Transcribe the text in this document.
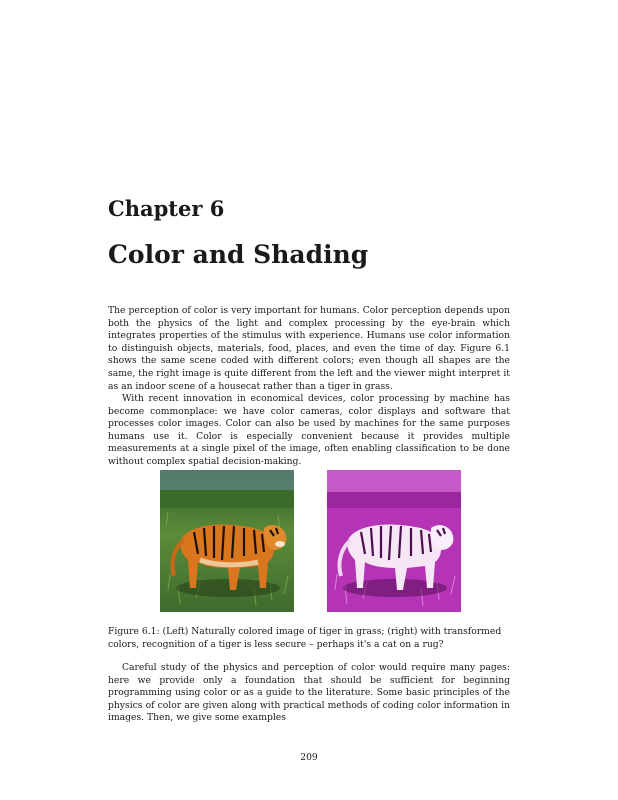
Chapter 6
Color and Shading

The perception of color is very important for humans. Color perception depends upon both the physics of the light and complex processing by the eye-brain which integrates properties of the stimulus with experience. Humans use color information to distinguish objects, materials, food, places, and even the time of day. Figure 6.1 shows the same scene coded with different colors; even though all shapes are the same, the right image is quite different from the left and the viewer might interpret it as an indoor scene of a housecat rather than a tiger in grass.

With recent innovation in economical devices, color processing by machine has become commonplace: we have color cameras, color displays and software that processes color images. Color can also be used by machines for the same purposes humans use it. Color is especially convenient because it provides multiple measurements at a single pixel of the image, often enabling classification to be done without complex spatial decision-making.

Figure 6.1: (Left) Naturally colored image of tiger in grass; (right) with transformed colors, recognition of a tiger is less secure – perhaps it's a cat on a rug?

Careful study of the physics and perception of color would require many pages: here we provide only a foundation that should be sufficient for beginning programming using color or as a guide to the literature. Some basic principles of the physics of color are given along with practical methods of coding color information in images. Then, we give some examples

209
